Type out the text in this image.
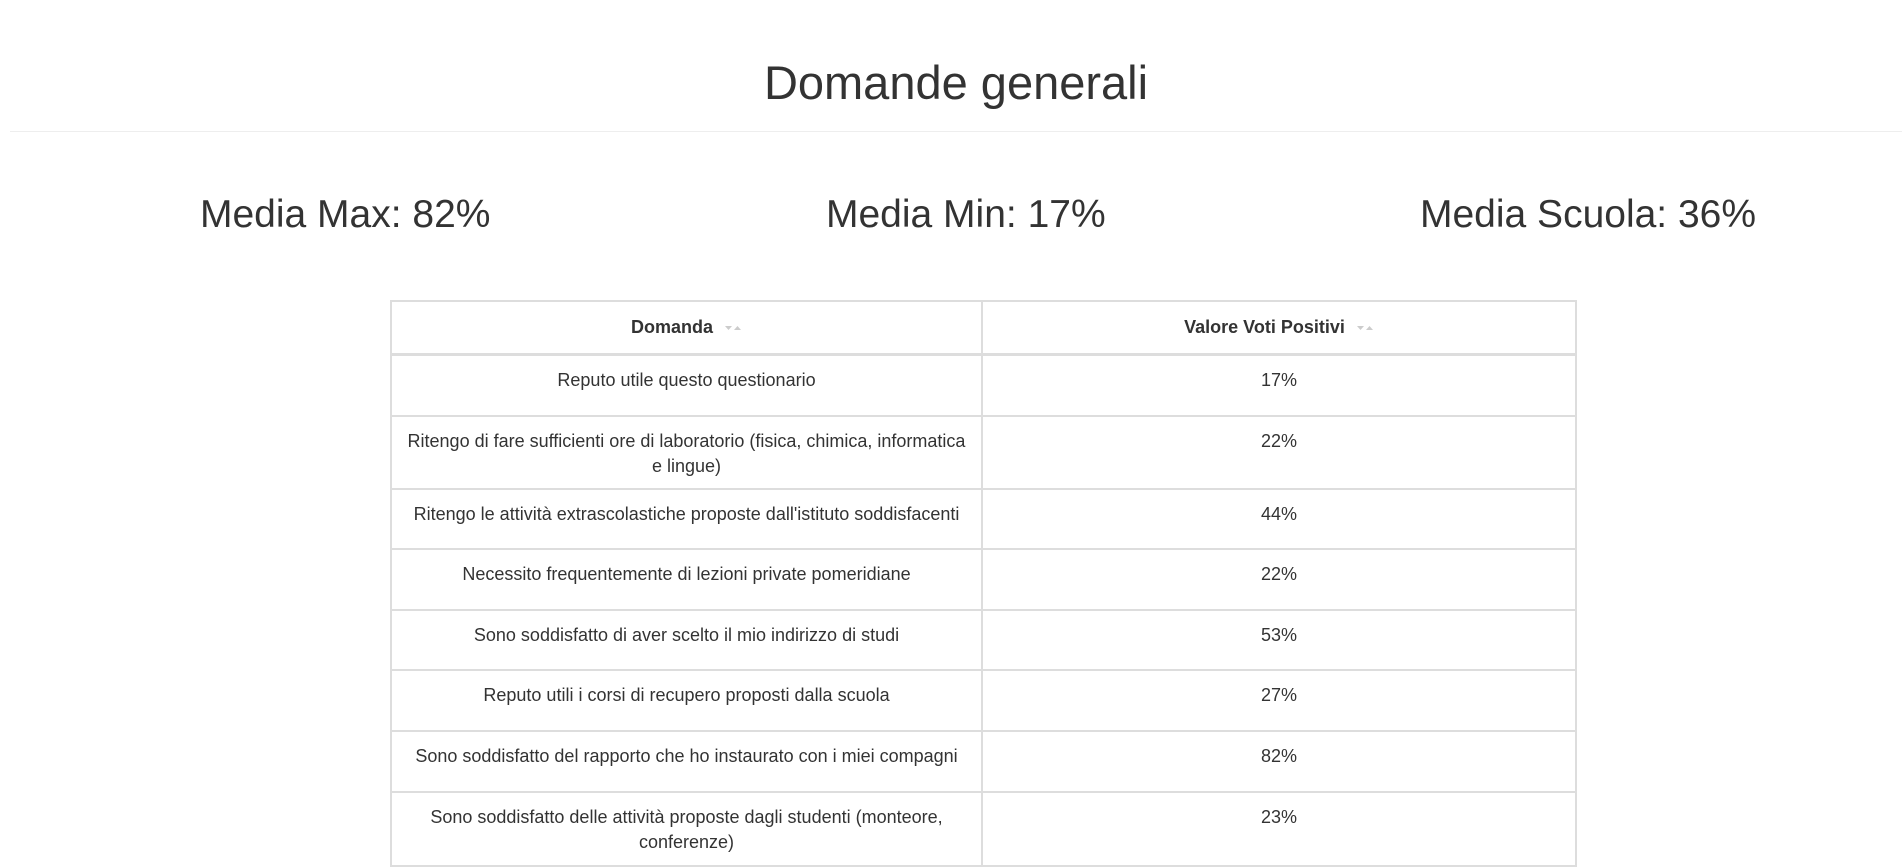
Domande generali
Media Max: 82%	Media Min: 17%	Media Scuola: 36%
Domanda	Valore Voti Positivi
Reputo utile questo questionario	17%
Ritengo di fare sufficienti ore di laboratorio (fisica, chimica, informatica e lingue)	22%
Ritengo le attività extrascolastiche proposte dall'istituto soddisfacenti	44%
Necessito frequentemente di lezioni private pomeridiane	22%
Sono soddisfatto di aver scelto il mio indirizzo di studi	53%
Reputo utili i corsi di recupero proposti dalla scuola	27%
Sono soddisfatto del rapporto che ho instaurato con i miei compagni	82%
Sono soddisfatto delle attività proposte dagli studenti (monteore, conferenze)	23%
